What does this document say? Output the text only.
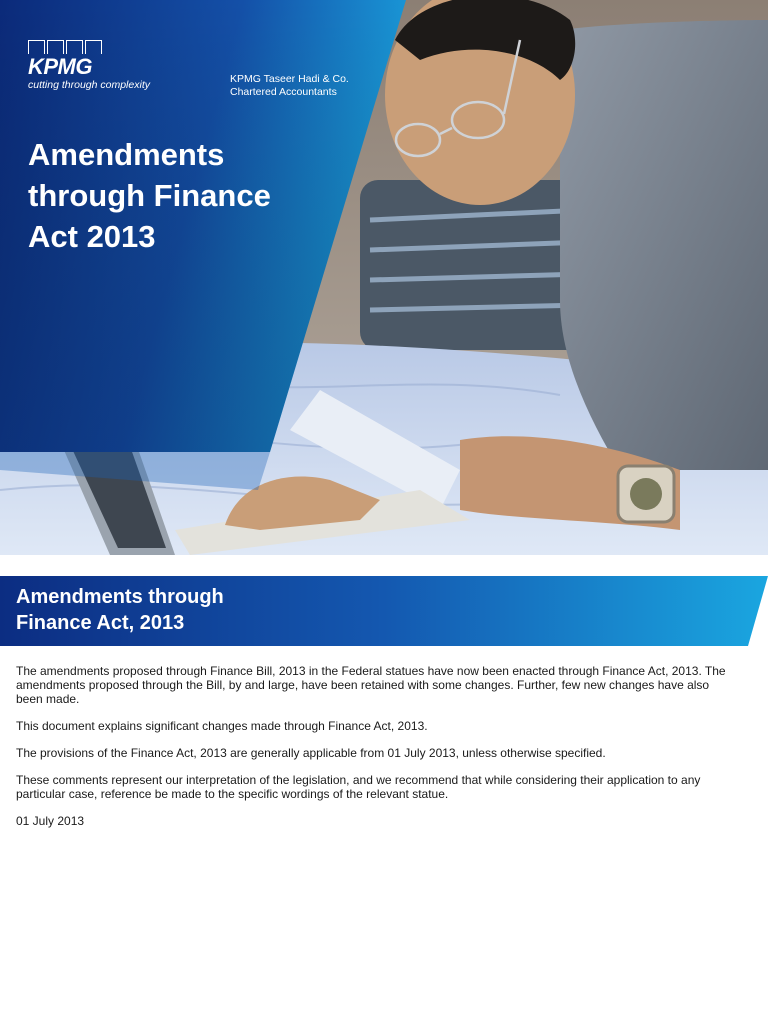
KPMG
cutting through complexity	KPMG Taseer Hadi & Co.
Chartered Accountants
Amendments
through Finance
Act 2013
Amendments through
Finance Act, 2013

The amendments proposed through Finance Bill, 2013 in the Federal statues have now been enacted through Finance Act, 2013. The amendments proposed through the Bill, by and large, have been retained with some changes. Further, few new changes have also been made.

This document explains significant changes made through Finance Act, 2013.

The provisions of the Finance Act, 2013 are generally applicable from 01 July 2013, unless otherwise specified.

These comments represent our interpretation of the legislation, and we recommend that while considering their application to any particular case, reference be made to the specific wordings of the relevant statue.

01 July 2013
